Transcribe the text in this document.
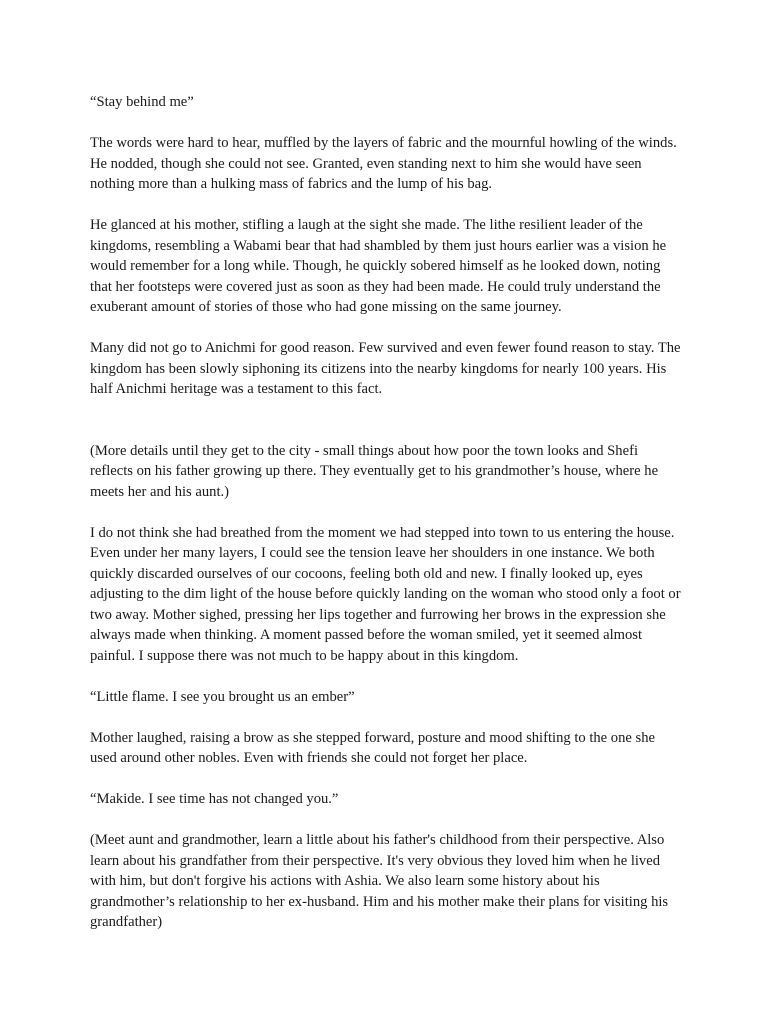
“Stay behind me”

The words were hard to hear, muffled by the layers of fabric and the mournful howling of the winds. He nodded, though she could not see. Granted, even standing next to him she would have seen nothing more than a hulking mass of fabrics and the lump of his bag.

He glanced at his mother, stifling a laugh at the sight she made. The lithe resilient leader of the kingdoms, resembling a Wabami bear that had shambled by them just hours earlier was a vision he would remember for a long while. Though, he quickly sobered himself as he looked down, noting that her footsteps were covered just as soon as they had been made. He could truly understand the exuberant amount of stories of those who had gone missing on the same journey.

Many did not go to Anichmi for good reason. Few survived and even fewer found reason to stay. The kingdom has been slowly siphoning its citizens into the nearby kingdoms for nearly 100 years. His half Anichmi heritage was a testament to this fact.

(More details until they get to the city - small things about how poor the town looks and Shefi reflects on his father growing up there. They eventually get to his grandmother’s house, where he meets her and his aunt.)

I do not think she had breathed from the moment we had stepped into town to us entering the house. Even under her many layers, I could see the tension leave her shoulders in one instance. We both quickly discarded ourselves of our cocoons, feeling both old and new. I finally looked up, eyes adjusting to the dim light of the house before quickly landing on the woman who stood only a foot or two away. Mother sighed, pressing her lips together and furrowing her brows in the expression she always made when thinking. A moment passed before the woman smiled, yet it seemed almost painful. I suppose there was not much to be happy about in this kingdom.

“Little flame. I see you brought us an ember”

Mother laughed, raising a brow as she stepped forward, posture and mood shifting to the one she used around other nobles. Even with friends she could not forget her place.

“Makide. I see time has not changed you.”

(Meet aunt and grandmother, learn a little about his father's childhood from their perspective. Also learn about his grandfather from their perspective. It's very obvious they loved him when he lived with him, but don't forgive his actions with Ashia. We also learn some history about his grandmother’s relationship to her ex-husband. Him and his mother make their plans for visiting his grandfather)
